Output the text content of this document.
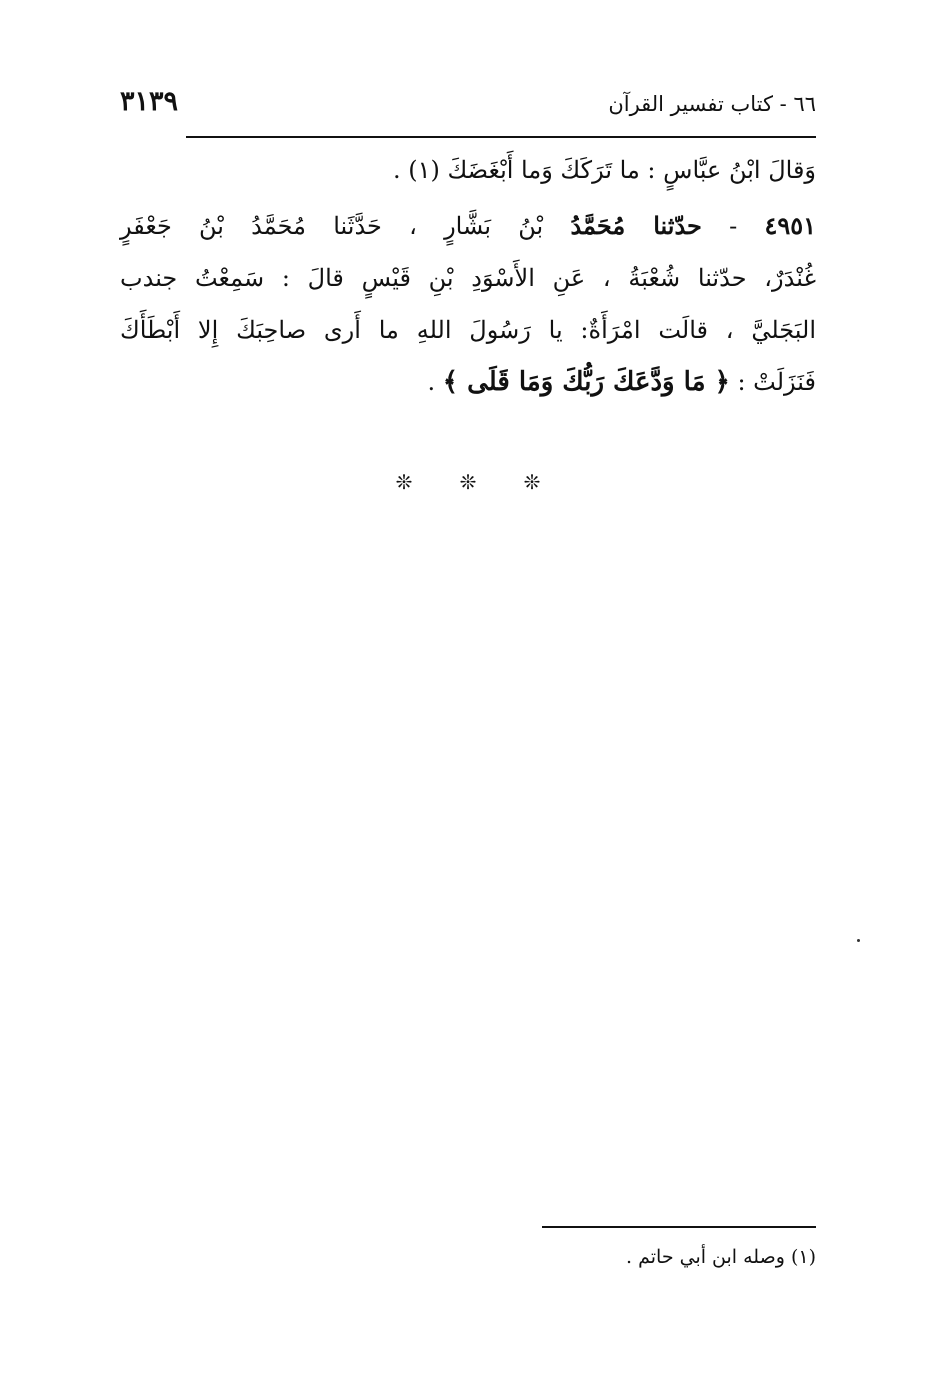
٦٦ - كتاب تفسير القرآن
٣١٣٩
وَقالَ ابْنُ عبَّاسٍ : ما تَرَكَكَ وَما أَبْغَضَكَ (١) .
٤٩٥١ - حدّثنا مُحَمَّدُ بْنُ بَشَّارٍ ، حَدَّثَنا مُحَمَّدُ بْنُ جَعْفَرٍ
غُنْدَرٌ، حدّثنا شُعْبَةُ ، عَنِ الأَسْوَدِ بْنِ قَيْسٍ قالَ : سَمِعْتُ جندب
البَجَليَّ ، قالَت امْرَأَةٌ: يا رَسُولَ اللهِ ما أَرى صاحِبَكَ إِلا أَبْطَأَكَ
فَنَزَلَتْ : ﴿ مَا وَدَّعَكَ رَبُّكَ وَمَا قَلَى ﴾ .
❊ ❊ ❊
(١) وصله ابن أبي حاتم .
